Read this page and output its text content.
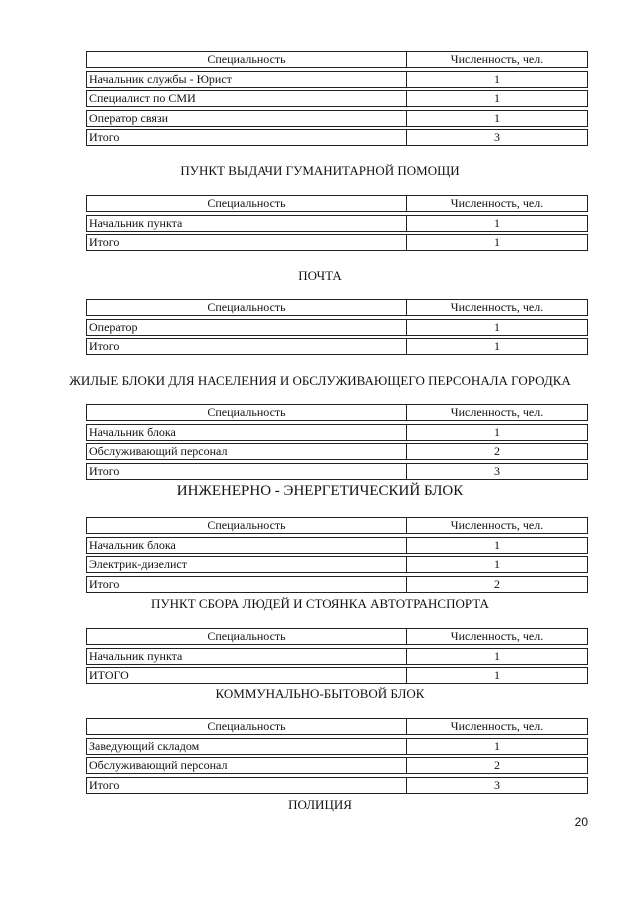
Специальность	Численность, чел.
Начальник службы - Юрист	1
Специалист по СМИ	1
Оператор связи	1
Итого	3
ПУНКТ ВЫДАЧИ ГУМАНИТАРНОЙ ПОМОЩИ
Специальность	Численность, чел.
Начальник пункта	1
Итого	1
ПОЧТА
Специальность	Численность, чел.
Оператор	1
Итого	1
ЖИЛЫЕ БЛОКИ ДЛЯ НАСЕЛЕНИЯ И ОБСЛУЖИВАЮЩЕГО ПЕРСОНАЛА ГОРОДКА
Специальность	Численность, чел.
Начальник блока	1
Обслуживающий персонал	2
Итого	3
ИНЖЕНЕРНО - ЭНЕРГЕТИЧЕСКИЙ БЛОК
Специальность	Численность, чел.
Начальник блока	1
Электрик-дизелист	1
Итого	2
ПУНКТ СБОРА ЛЮДЕЙ И СТОЯНКА АВТОТРАНСПОРТА
Специальность	Численность, чел.
Начальник пункта	1
ИТОГО	1
КОММУНАЛЬНО-БЫТОВОЙ БЛОК
Специальность	Численность, чел.
Заведующий складом	1
Обслуживающий персонал	2
Итого	3
ПОЛИЦИЯ
20
